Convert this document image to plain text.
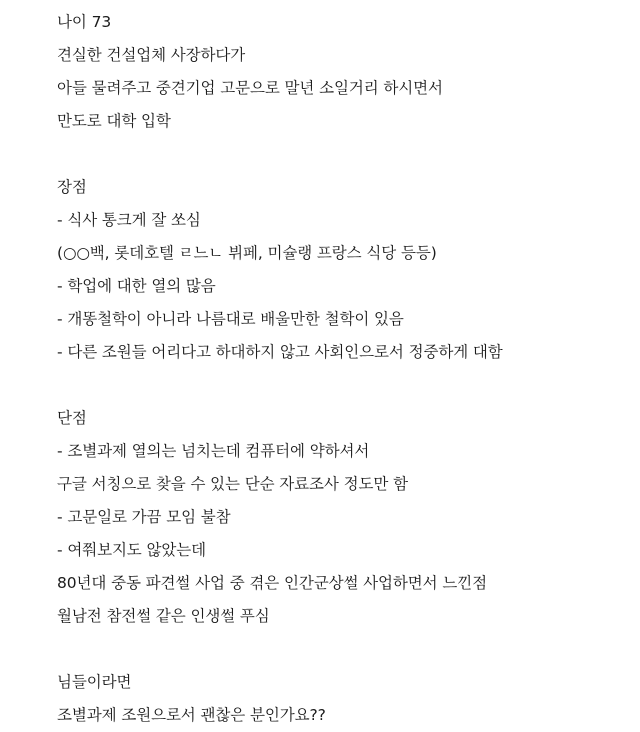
나이 73
견실한 건설업체 사장하다가
아들 물려주고 중견기업 고문으로 말년 소일거리 하시면서
만도로 대학 입학
장점
- 식사 통크게 잘 쏘심
(○○백, 롯데호텔 ㄹ느ㄴ 뷔페, 미슐랭 프랑스 식당 등등)
- 학업에 대한 열의 많음
- 개똥철학이 아니라 나름대로 배울만한 철학이 있음
- 다른 조원들 어리다고 하대하지 않고 사회인으로서 정중하게 대함
단점
- 조별과제 열의는 넘치는데 컴퓨터에 약하셔서
구글 서칭으로 찾을 수 있는 단순 자료조사 정도만 함
- 고문일로 가끔 모임 불참
- 여쭤보지도 않았는데
80년대 중동 파견썰 사업 중 겪은 인간군상썰 사업하면서 느낀점
월남전 참전썰 같은 인생썰 푸심
님들이라면
조별과제 조원으로서 괜찮은 분인가요??
